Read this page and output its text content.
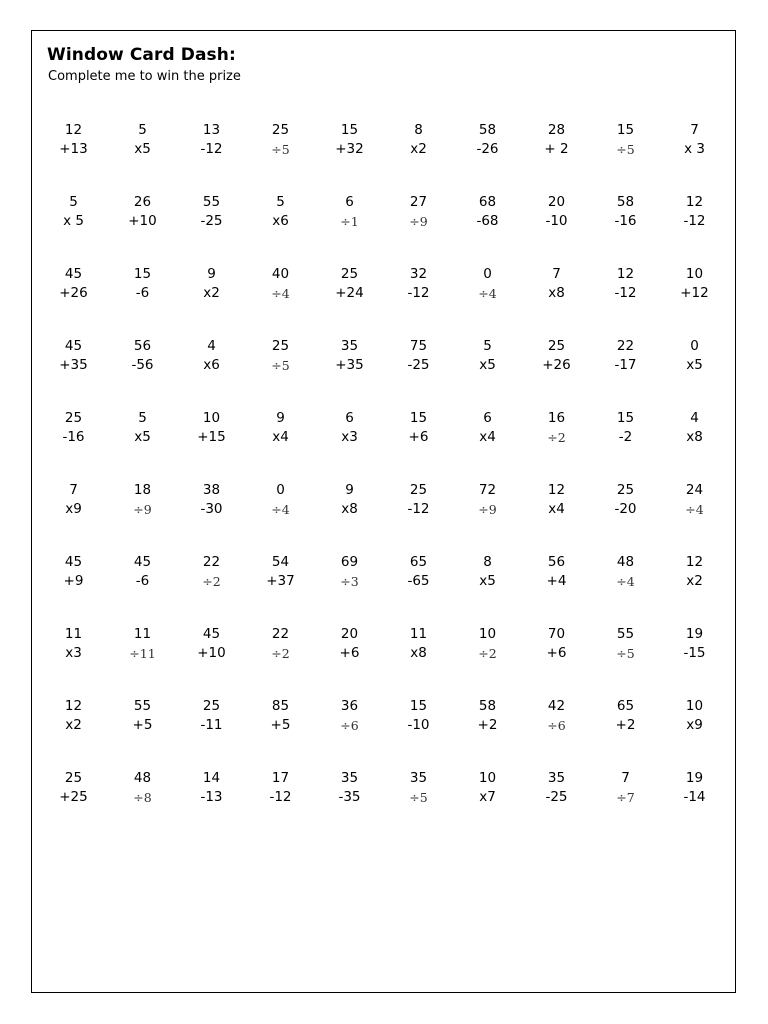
Window Card Dash:

Complete me to win the prize

12
+13
5
x5
13
-12
25
÷5
15
+32
8
x2
58
-26
28
+ 2
15
÷5
7
x 3
5
x 5
26
+10
55
-25
5
x6
6
÷1
27
÷9
68
-68
20
-10
58
-16
12
-12
45
+26
15
-6
9
x2
40
÷4
25
+24
32
-12
0
÷4
7
x8
12
-12
10
+12
45
+35
56
-56
4
x6
25
÷5
35
+35
75
-25
5
x5
25
+26
22
-17
0
x5
25
-16
5
x5
10
+15
9
x4
6
x3
15
+6
6
x4
16
÷2
15
-2
4
x8
7
x9
18
÷9
38
-30
0
÷4
9
x8
25
-12
72
÷9
12
x4
25
-20
24
÷4
45
+9
45
-6
22
÷2
54
+37
69
÷3
65
-65
8
x5
56
+4
48
÷4
12
x2
11
x3
11
÷11
45
+10
22
÷2
20
+6
11
x8
10
÷2
70
+6
55
÷5
19
-15
12
x2
55
+5
25
-11
85
+5
36
÷6
15
-10
58
+2
42
÷6
65
+2
10
x9
25
+25
48
÷8
14
-13
17
-12
35
-35
35
÷5
10
x7
35
-25
7
÷7
19
-14
